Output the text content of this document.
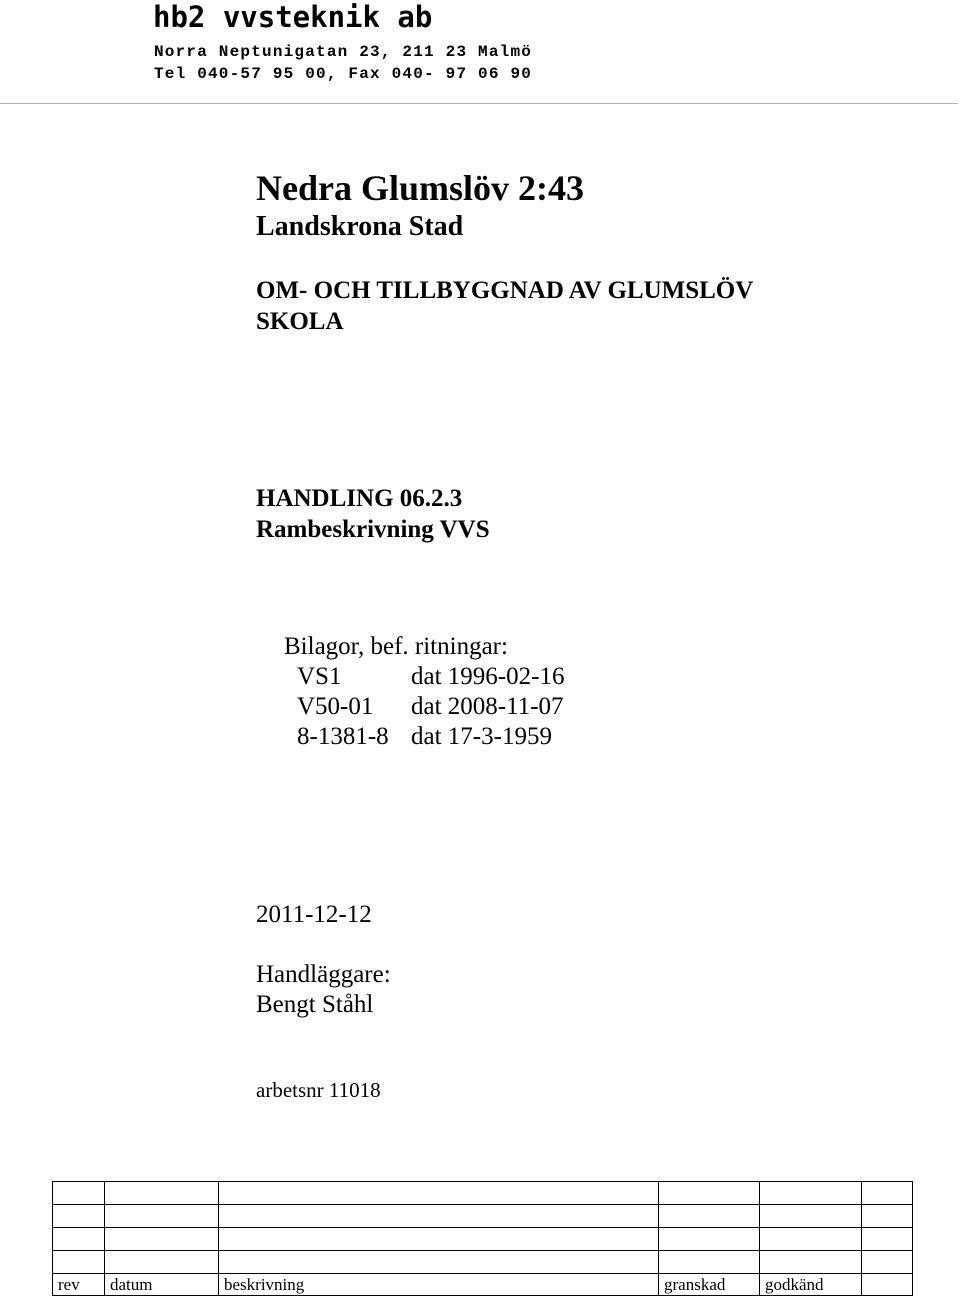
hb2 vvsteknik ab
Norra Neptunigatan 23, 211 23 Malmö
Tel 040-57 95 00, Fax 040- 97 06 90
Nedra Glumslöv 2:43
Landskrona Stad
OM- OCH TILLBYGGNAD AV GLUMSLÖV SKOLA
HANDLING 06.2.3
Rambeskrivning VVS
Bilagor, bef. ritningar:
VS1	dat 1996-02-16
V50-01	dat 2008-11-07
8-1381-8 dat 17-3-1959
2011-12-12
Handläggare:
Bengt Ståhl
arbetsnr 11018

rev	datum	beskrivning	granskad	godkänd	
